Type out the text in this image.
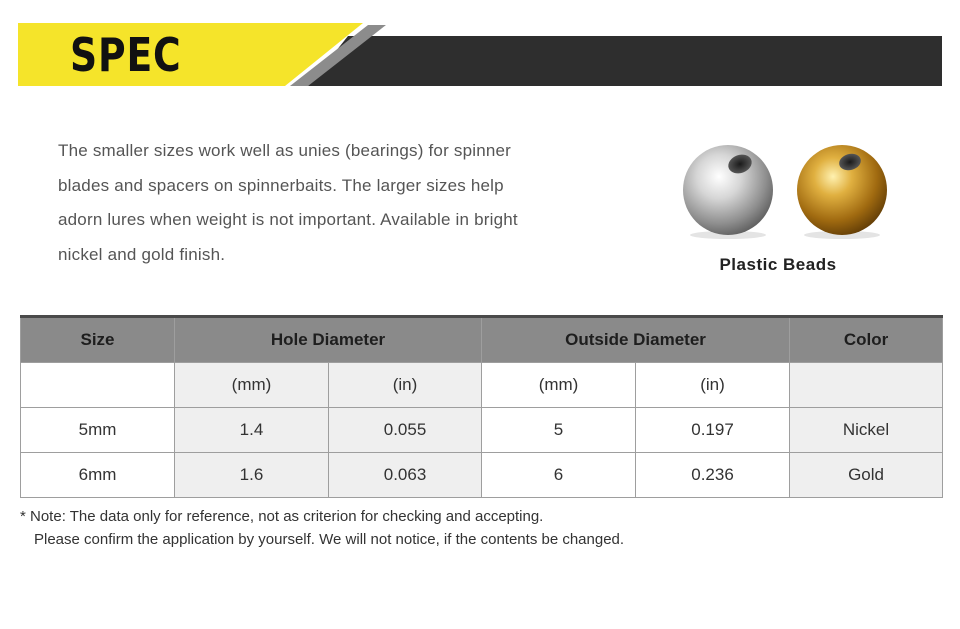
SPEC
The smaller sizes work well as unies (bearings) for spinner
blades and spacers on spinnerbaits. The larger sizes help
adorn lures when weight is not important. Available in bright
nickel and gold finish.
Plastic Beads
Size	Hole Diameter		Outside Diameter		Color
	(mm)	(in)	(mm)	(in)	
5mm	1.4	0.055	5	0.197	Nickel
6mm	1.6	0.063	6	0.236	Gold
* Note: The data only for reference, not as criterion for checking and accepting.
Please confirm the application by yourself. We will not notice, if the contents be changed.
